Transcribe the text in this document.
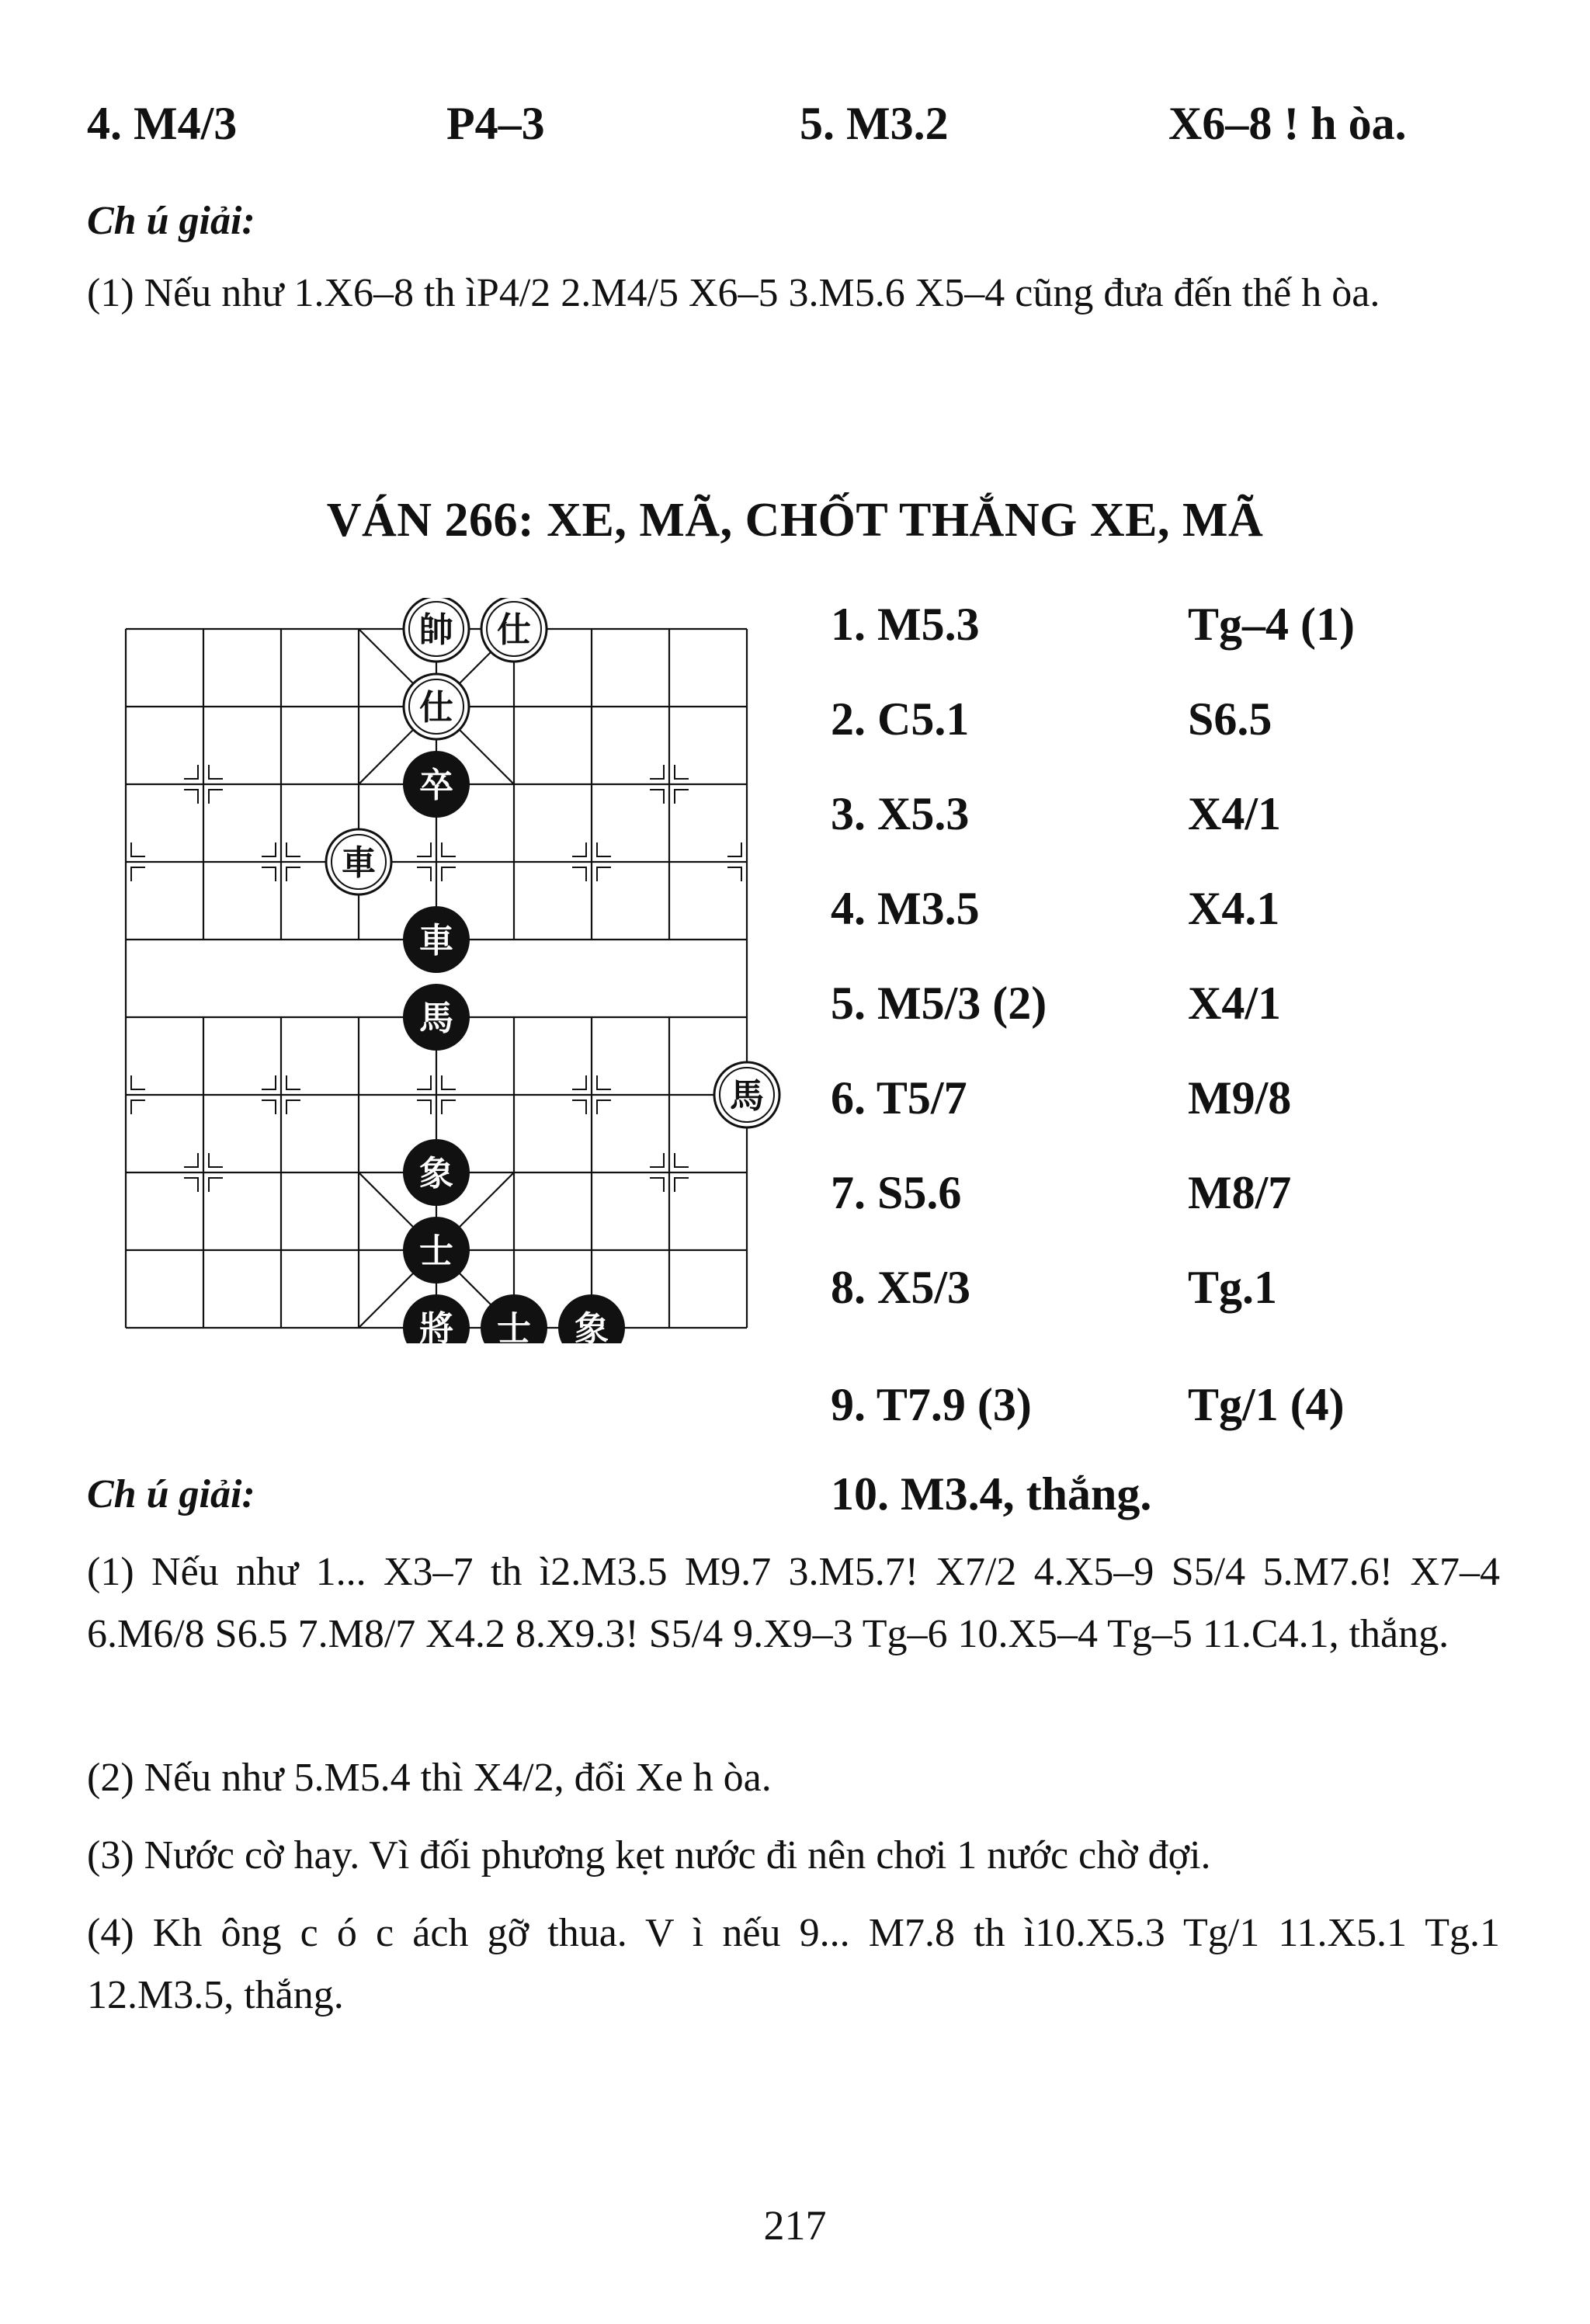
4. M4/3	P4–3	5. M3.2	X6–8 ! h òa.
Ch ú giải:
(1) Nếu như 1.X6–8 th ìP4/2 2.M4/5 X6–5 3.M5.6 X5–4 cũng đưa đến thế h òa.
VÁN 266: XE, MÃ, CHỐT THẮNG XE, MÃ
帥 仕
仕
卒
車
車
馬
馬
象
士
將 士 象
1. M5.3	Tg–4 (1)
2. C5.1	S6.5
3. X5.3	X4/1
4. M3.5	X4.1
5. M5/3 (2)	X4/1
6. T5/7	M9/8
7. S5.6	M8/7
8. X5/3	Tg.1
9. T7.9 (3)	Tg/1 (4)
10. M3.4, thắng.
Ch ú giải:
(1) Nếu như 1... X3–7 th ì2.M3.5 M9.7 3.M5.7! X7/2 4.X5–9 S5/4 5.M7.6! X7–4 6.M6/8 S6.5 7.M8/7 X4.2 8.X9.3! S5/4 9.X9–3 Tg–6 10.X5–4 Tg–5 11.C4.1, thắng.
(2) Nếu như 5.M5.4 thì X4/2, đổi Xe h òa.
(3) Nước cờ hay. Vì đối phương kẹt nước đi nên chơi 1 nước chờ đợi.
(4) Kh ông c ó c ách gỡ thua. V ì nếu 9... M7.8 th ì10.X5.3 Tg/1 11.X5.1 Tg.1 12.M3.5, thắng.
217
